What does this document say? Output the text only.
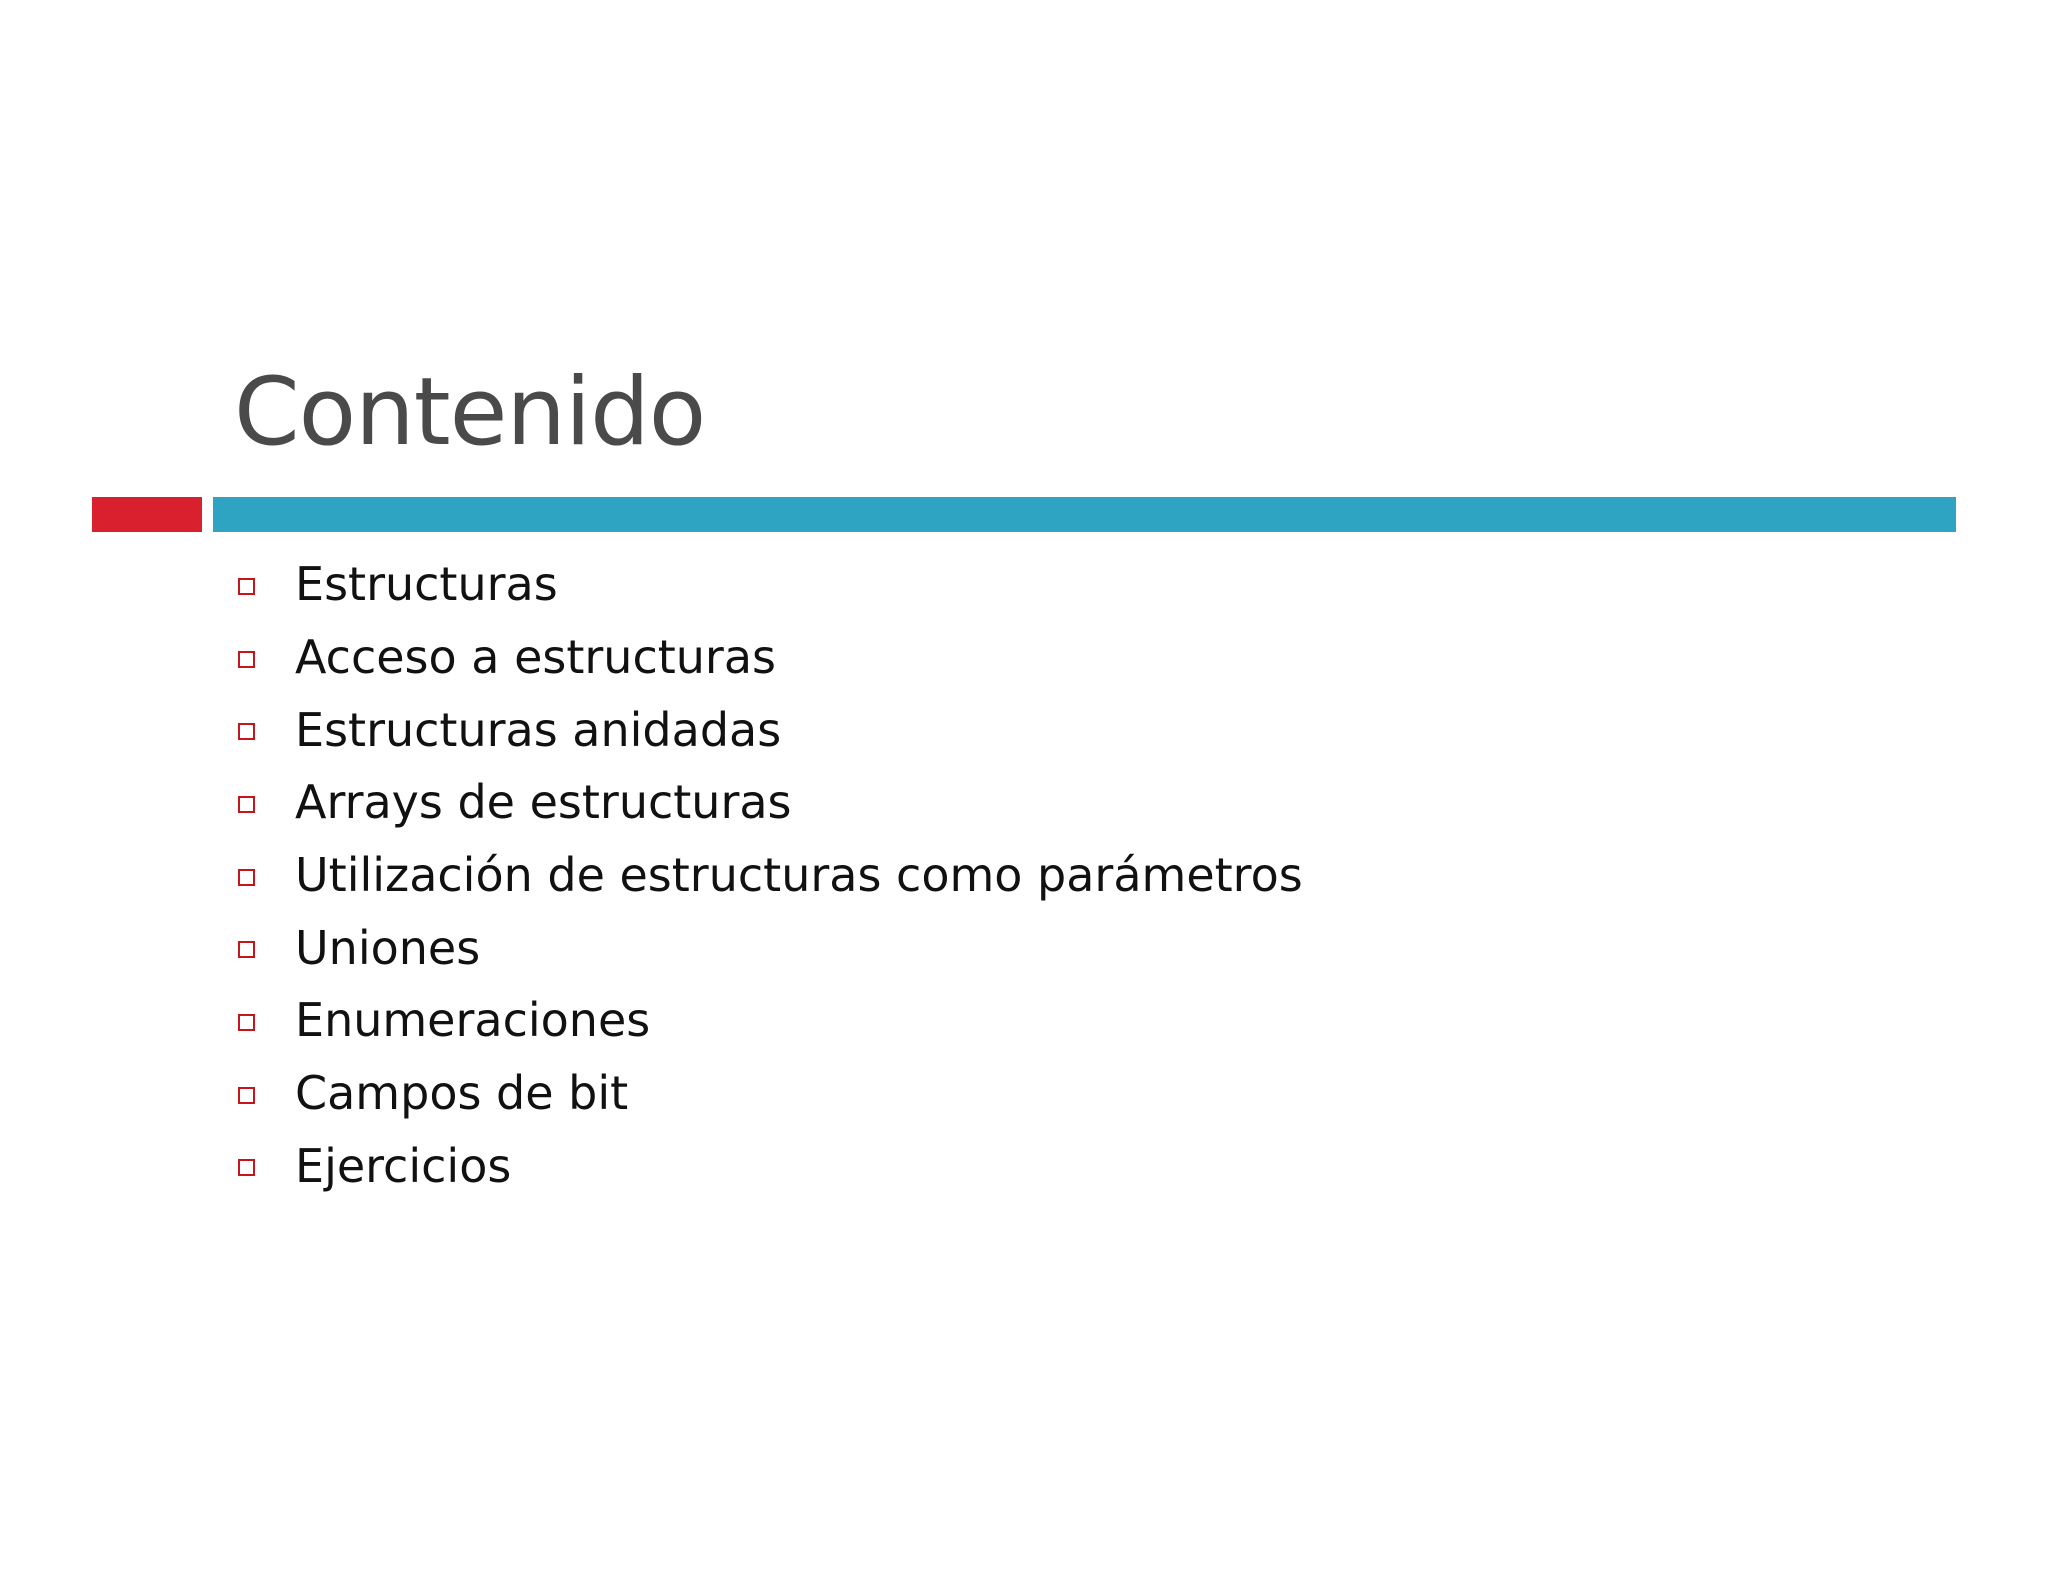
Contenido
Estructuras
Acceso a estructuras
Estructuras anidadas
Arrays de estructuras
Utilización de estructuras como parámetros
Uniones
Enumeraciones
Campos de bit
Ejercicios
